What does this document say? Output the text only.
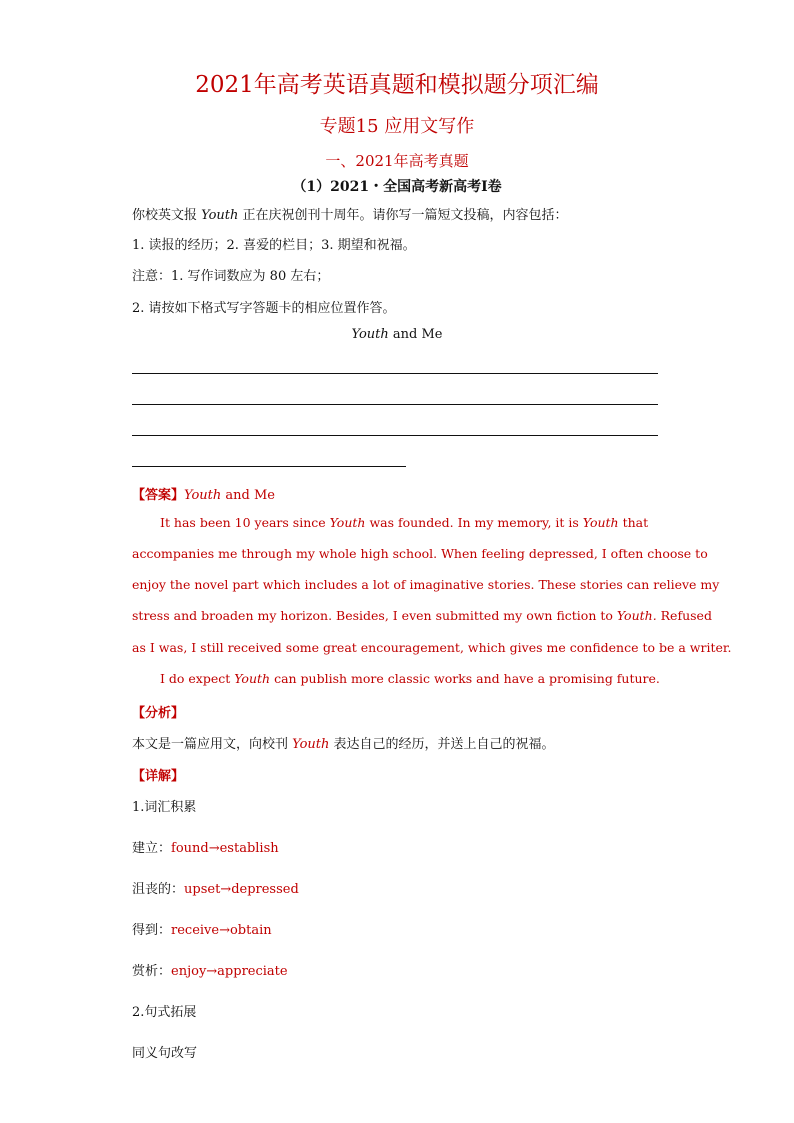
2021年高考英语真题和模拟题分项汇编
专题15 应用文写作
一、2021年高考真题
（1）2021・全国高考新高考Ⅰ卷
你校英文报 Youth 正在庆祝创刊十周年。请你写一篇短文投稿，内容包括：
1. 读报的经历；2. 喜爱的栏目；3. 期望和祝福。
注意：1. 写作词数应为 80 左右；
2. 请按如下格式写字答题卡的相应位置作答。
Youth and Me
【答案】Youth and Me
It has been 10 years since Youth was founded. In my memory, it is Youth that
accompanies me through my whole high school. When feeling depressed, I often choose to
enjoy the novel part which includes a lot of imaginative stories. These stories can relieve my
stress and broaden my horizon. Besides, I even submitted my own fiction to Youth. Refused
as I was, I still received some great encouragement, which gives me confidence to be a writer.
I do expect Youth can publish more classic works and have a promising future.
【分析】
本文是一篇应用文，向校刊 Youth 表达自己的经历，并送上自己的祝福。
【详解】
1.词汇积累
建立：found→establish
沮丧的：upset→depressed
得到：receive→obtain
赏析：enjoy→appreciate
2.句式拓展
同义句改写
